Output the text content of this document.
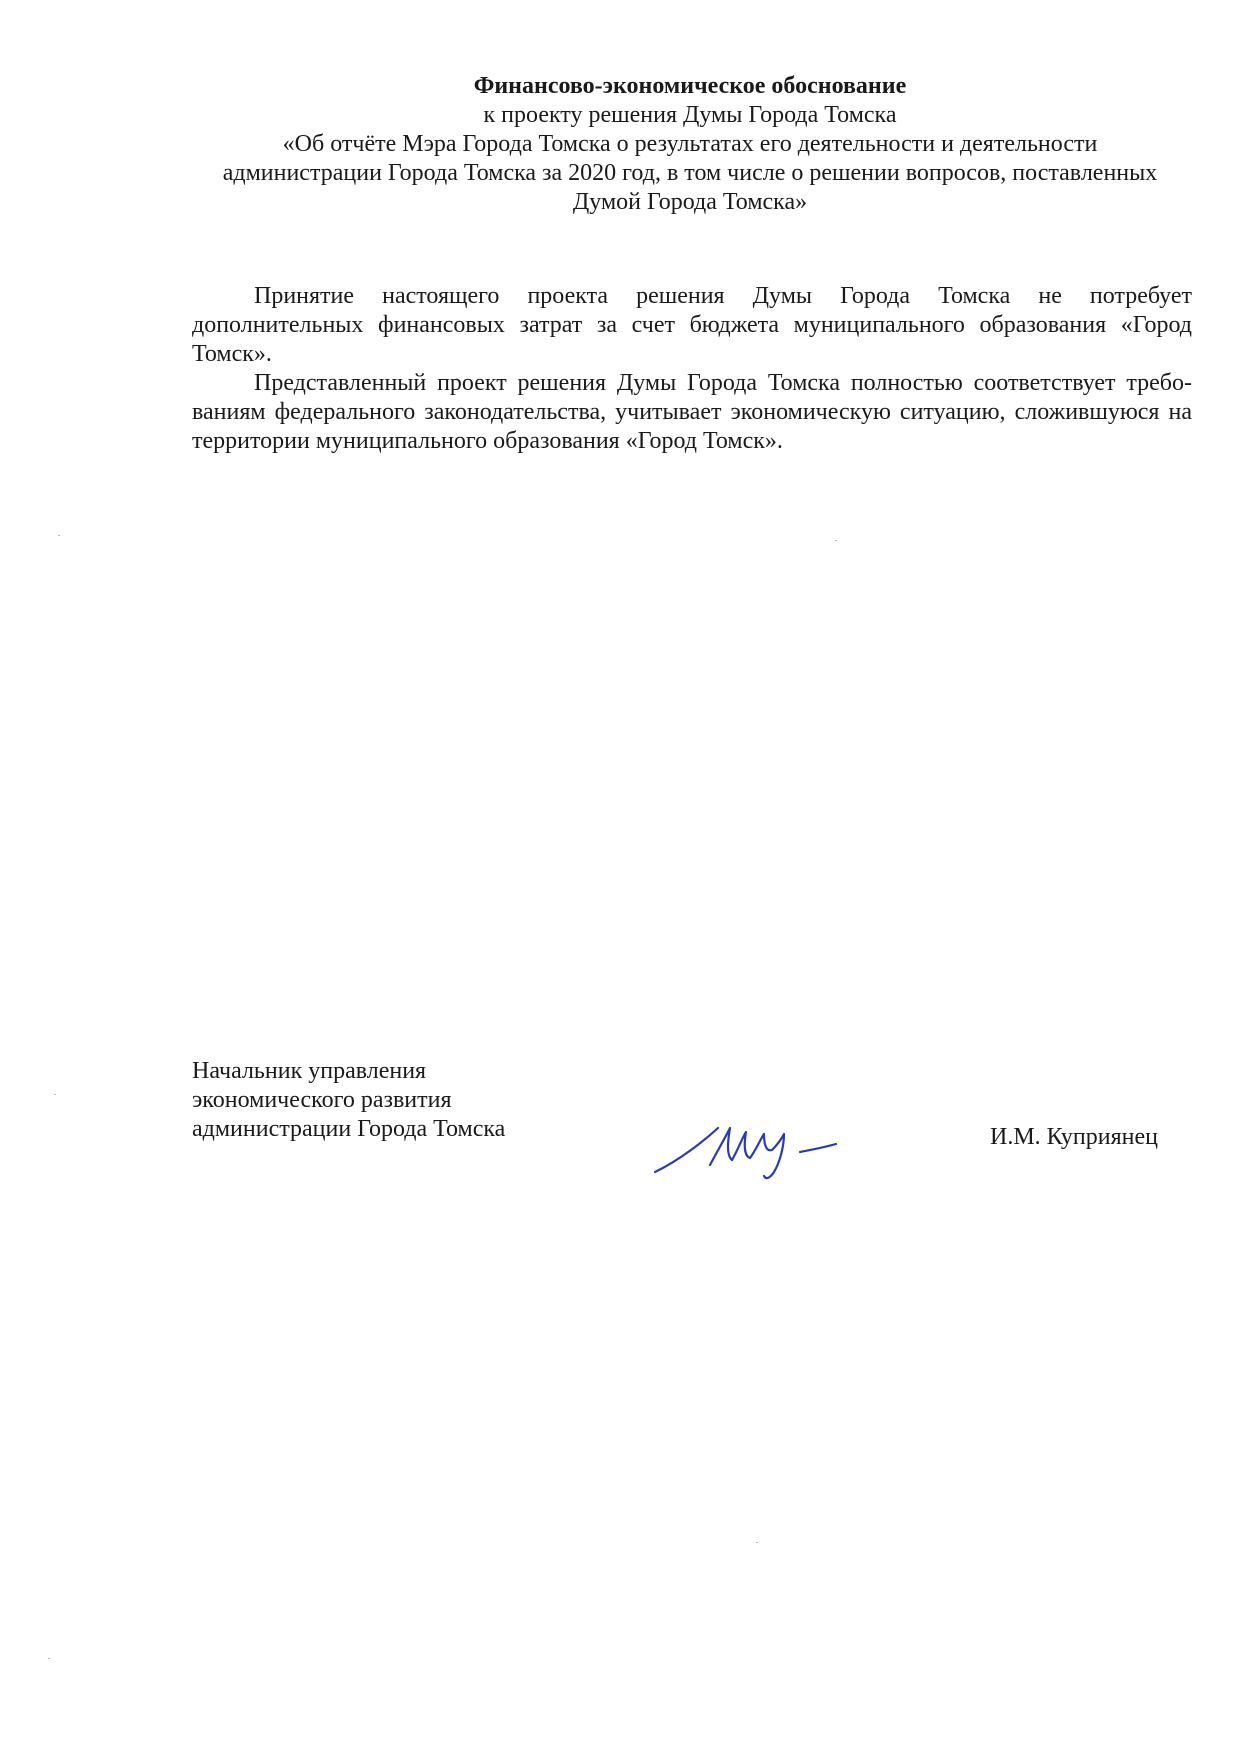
Финансово-экономическое обоснование
к проекту решения Думы Города Томска
«Об отчёте Мэра Города Томска о результатах его деятельности и деятельности
администрации Города Томска за 2020 год, в том числе о решении вопросов, поставленных
Думой Города Томска»

Принятие настоящего проекта решения Думы Города Томска не потребует дополнительных финансовых затрат за счет бюджета муниципального образования «Город Томск».

Представленный проект решения Думы Города Томска полностью соответствует требованиям федерального законодательства, учитывает экономическую ситуацию, сложившуюся на территории муниципального образования «Город Томск».

Начальник управления
экономического развития
администрации Города Томска	И.М. Куприянец
